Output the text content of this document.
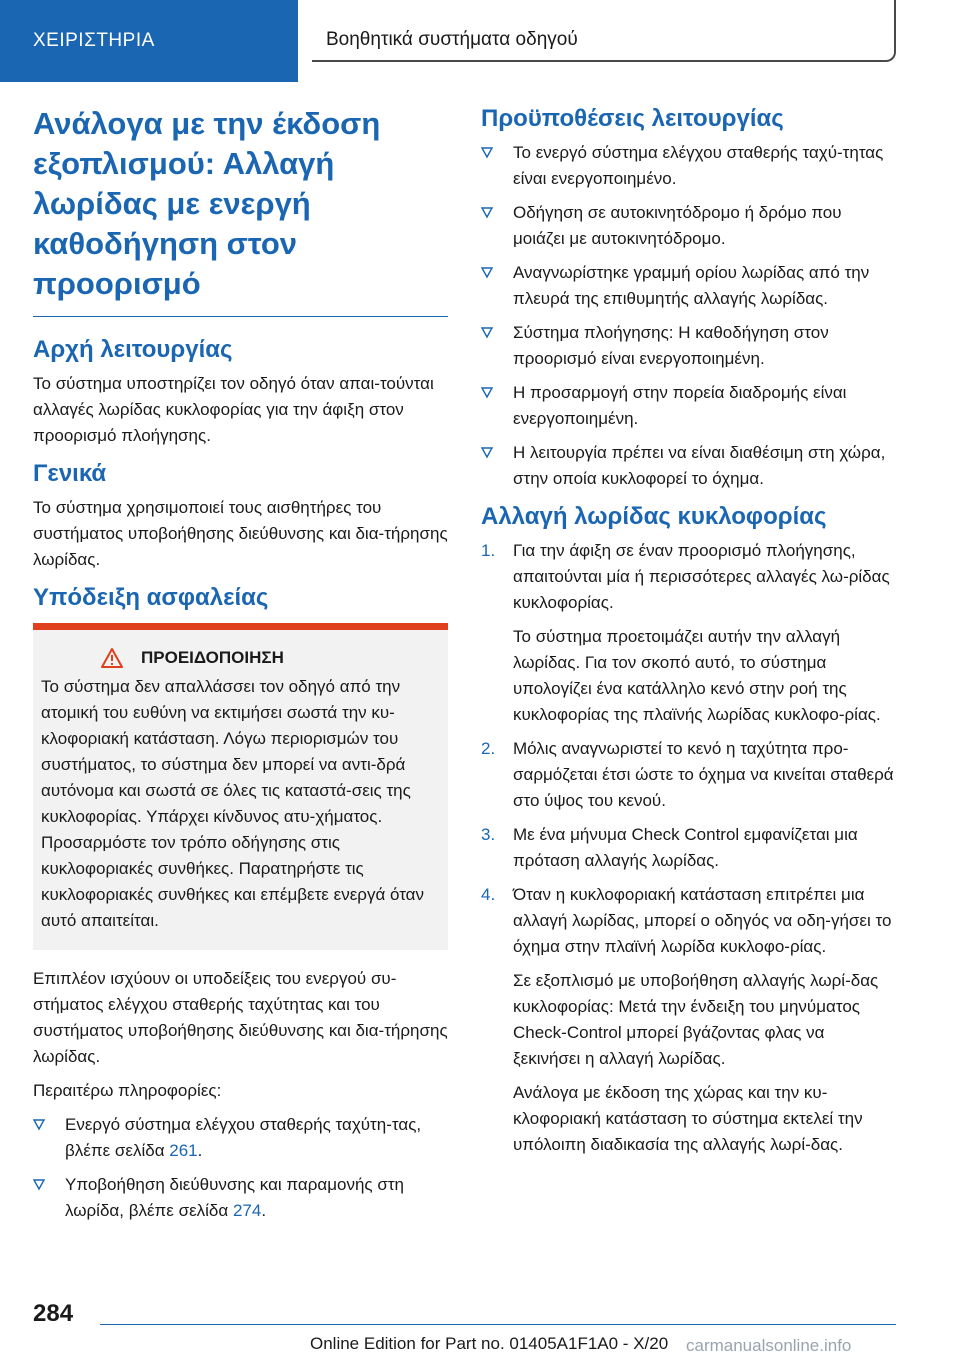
ΧΕΙΡΙΣΤΗΡΙΑ	Βοηθητικά συστήματα οδηγού
Ανάλογα με την έκδοση εξοπλισμού: Αλλαγή λωρίδας με ενεργή καθοδήγηση στον προορισμό
Αρχή λειτουργίας

Το σύστημα υποστηρίζει τον οδηγό όταν απαι-τούνται αλλαγές λωρίδας κυκλοφορίας για την άφιξη στον προορισμό πλοήγησης.

Γενικά

Το σύστημα χρησιμοποιεί τους αισθητήρες του συστήματος υποβοήθησης διεύθυνσης και δια-τήρησης λωρίδας.

Υπόδειξη ασφαλείας
ΠΡΟΕΙΔΟΠΟΙΗΣΗ

Το σύστημα δεν απαλλάσσει τον οδηγό από την ατομική του ευθύνη να εκτιμήσει σωστά την κυ-κλοφοριακή κατάσταση. Λόγω περιορισμών του συστήματος, το σύστημα δεν μπορεί να αντι-δρά αυτόνομα και σωστά σε όλες τις καταστά-σεις της κυκλοφορίας. Υπάρχει κίνδυνος ατυ-χήματος. Προσαρμόστε τον τρόπο οδήγησης στις κυκλοφοριακές συνθήκες. Παρατηρήστε τις κυκλοφοριακές συνθήκες και επέμβετε ενεργά όταν αυτό απαιτείται.

Επιπλέον ισχύουν οι υποδείξεις του ενεργού συ-στήματος ελέγχου σταθερής ταχύτητας και του συστήματος υποβοήθησης διεύθυνσης και δια-τήρησης λωρίδας.

Περαιτέρω πληροφορίες:

Ενεργό σύστημα ελέγχου σταθερής ταχύτη-τας, βλέπε σελίδα 261.
Υποβοήθηση διεύθυνσης και παραμονής στη λωρίδα, βλέπε σελίδα 274.
Προϋποθέσεις λειτουργίας
Το ενεργό σύστημα ελέγχου σταθερής ταχύ-τητας είναι ενεργοποιημένο.
Οδήγηση σε αυτοκινητόδρομο ή δρόμο που μοιάζει με αυτοκινητόδρομο.
Αναγνωρίστηκε γραμμή ορίου λωρίδας από την πλευρά της επιθυμητής αλλαγής λωρίδας.
Σύστημα πλοήγησης: Η καθοδήγηση στον προορισμό είναι ενεργοποιημένη.
Η προσαρμογή στην πορεία διαδρομής είναι ενεργοποιημένη.
Η λειτουργία πρέπει να είναι διαθέσιμη στη χώρα, στην οποία κυκλοφορεί το όχημα.
Αλλαγή λωρίδας κυκλοφορίας
1. Για την άφιξη σε έναν προορισμό πλοήγησης, απαιτούνται μία ή περισσότερες αλλαγές λω-ρίδας κυκλοφορίας.

Το σύστημα προετοιμάζει αυτήν την αλλαγή λωρίδας. Για τον σκοπό αυτό, το σύστημα υπολογίζει ένα κατάλληλο κενό στην ροή της κυκλοφορίας της πλαϊνής λωρίδας κυκλοφο-ρίας.

2. Μόλις αναγνωριστεί το κενό η ταχύτητα προ-σαρμόζεται έτσι ώστε το όχημα να κινείται σταθερά στο ύψος του κενού.

3. Με ένα μήνυμα Check Control εμφανίζεται μια πρόταση αλλαγής λωρίδας.

4. Όταν η κυκλοφοριακή κατάσταση επιτρέπει μια αλλαγή λωρίδας, μπορεί ο οδηγός να οδη-γήσει το όχημα στην πλαϊνή λωρίδα κυκλοφο-ρίας.

Σε εξοπλισμό με υποβοήθηση αλλαγής λωρί-δας κυκλοφορίας: Μετά την ένδειξη του μηνύματος Check-Control μπορεί βγάζοντας φλας να ξεκινήσει η αλλαγή λωρίδας.

Ανάλογα με έκδοση της χώρας και την κυ-κλοφοριακή κατάσταση το σύστημα εκτελεί την υπόλοιπη διαδικασία της αλλαγής λωρί-δας.

284
Online Edition for Part no. 01405A1F1A0 - X/20 carmanualsonline.info
